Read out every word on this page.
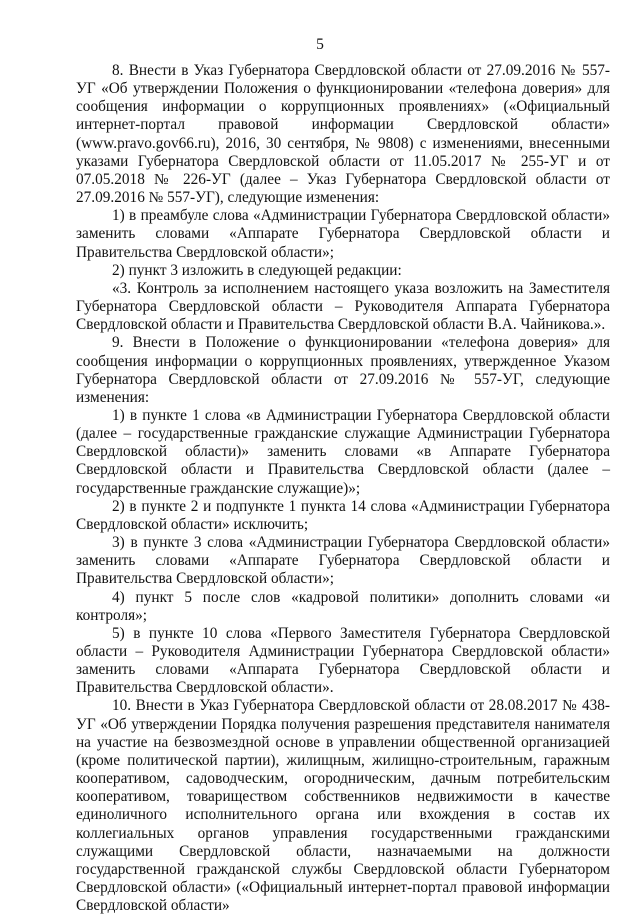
5

8. Внести в Указ Губернатора Свердловской области от 27.09.2016 № 557-УГ «Об утверждении Положения о функционировании «телефона доверия» для сообщения информации о коррупционных проявлениях» («Официальный интернет-портал правовой информации Свердловской области» (www.pravo.gov66.ru), 2016, 30 сентября, № 9808) с изменениями, внесенными указами Губернатора Свердловской области от 11.05.2017 № 255-УГ и от 07.05.2018 № 226-УГ (далее – Указ Губернатора Свердловской области от 27.09.2016 № 557-УГ), следующие изменения:

1) в преамбуле слова «Администрации Губернатора Свердловской области» заменить словами «Аппарате Губернатора Свердловской области и Правительства Свердловской области»;

2) пункт 3 изложить в следующей редакции:

«3. Контроль за исполнением настоящего указа возложить на Заместителя Губернатора Свердловской области – Руководителя Аппарата Губернатора Свердловской области и Правительства Свердловской области В.А. Чайникова.».

9. Внести в Положение о функционировании «телефона доверия» для сообщения информации о коррупционных проявлениях, утвержденное Указом Губернатора Свердловской области от 27.09.2016 № 557-УГ, следующие изменения:

1) в пункте 1 слова «в Администрации Губернатора Свердловской области (далее – государственные гражданские служащие Администрации Губернатора Свердловской области)» заменить словами «в Аппарате Губернатора Свердловской области и Правительства Свердловской области (далее – государственные гражданские служащие)»;

2) в пункте 2 и подпункте 1 пункта 14 слова «Администрации Губернатора Свердловской области» исключить;

3) в пункте 3 слова «Администрации Губернатора Свердловской области» заменить словами «Аппарате Губернатора Свердловской области и Правительства Свердловской области»;

4) пункт 5 после слов «кадровой политики» дополнить словами «и контроля»;

5) в пункте 10 слова «Первого Заместителя Губернатора Свердловской области – Руководителя Администрации Губернатора Свердловской области» заменить словами «Аппарата Губернатора Свердловской области и Правительства Свердловской области».

10. Внести в Указ Губернатора Свердловской области от 28.08.2017 № 438-УГ «Об утверждении Порядка получения разрешения представителя нанимателя на участие на безвозмездной основе в управлении общественной организацией (кроме политической партии), жилищным, жилищно-строительным, гаражным кооперативом, садоводческим, огородническим, дачным потребительским кооперативом, товариществом собственников недвижимости в качестве единоличного исполнительного органа или вхождения в состав их коллегиальных органов управления государственными гражданскими служащими Свердловской области, назначаемыми на должности государственной гражданской службы Свердловской области Губернатором Свердловской области» («Официальный интернет-портал правовой информации Свердловской области»
